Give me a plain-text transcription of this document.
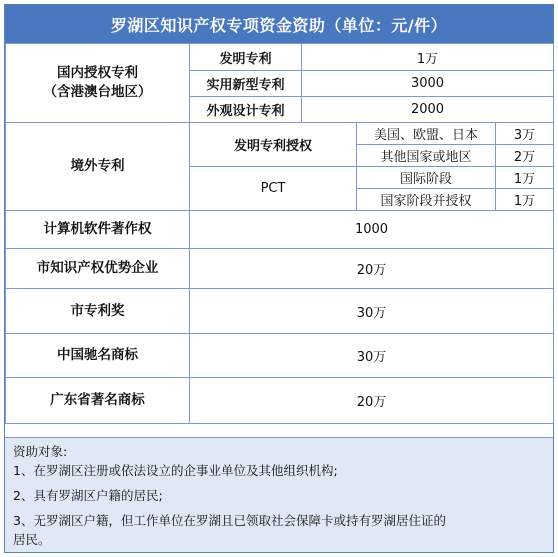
罗湖区知识产权专项资金资助（单位：元/件）
国内授权专利
（含港澳台地区）	发明专利	1万		
	实用新型专利	3000		
	外观设计专利	2000		
境外专利	发明专利授权		美国、欧盟、日本	3万
			其他国家或地区	2万
	PCT		国际阶段	1万
			国家阶段并授权	1万
计算机软件著作权	1000			
市知识产权优势企业	20万			
市专利奖	30万			
中国驰名商标	30万			
广东省著名商标	20万			

资助对象:

1、在罗湖区注册或依法设立的企事业单位及其他组织机构;

2、具有罗湖区户籍的居民;

3、无罗湖区户籍，但工作单位在罗湖且已领取社会保障卡或持有罗湖居住证的

居民。
